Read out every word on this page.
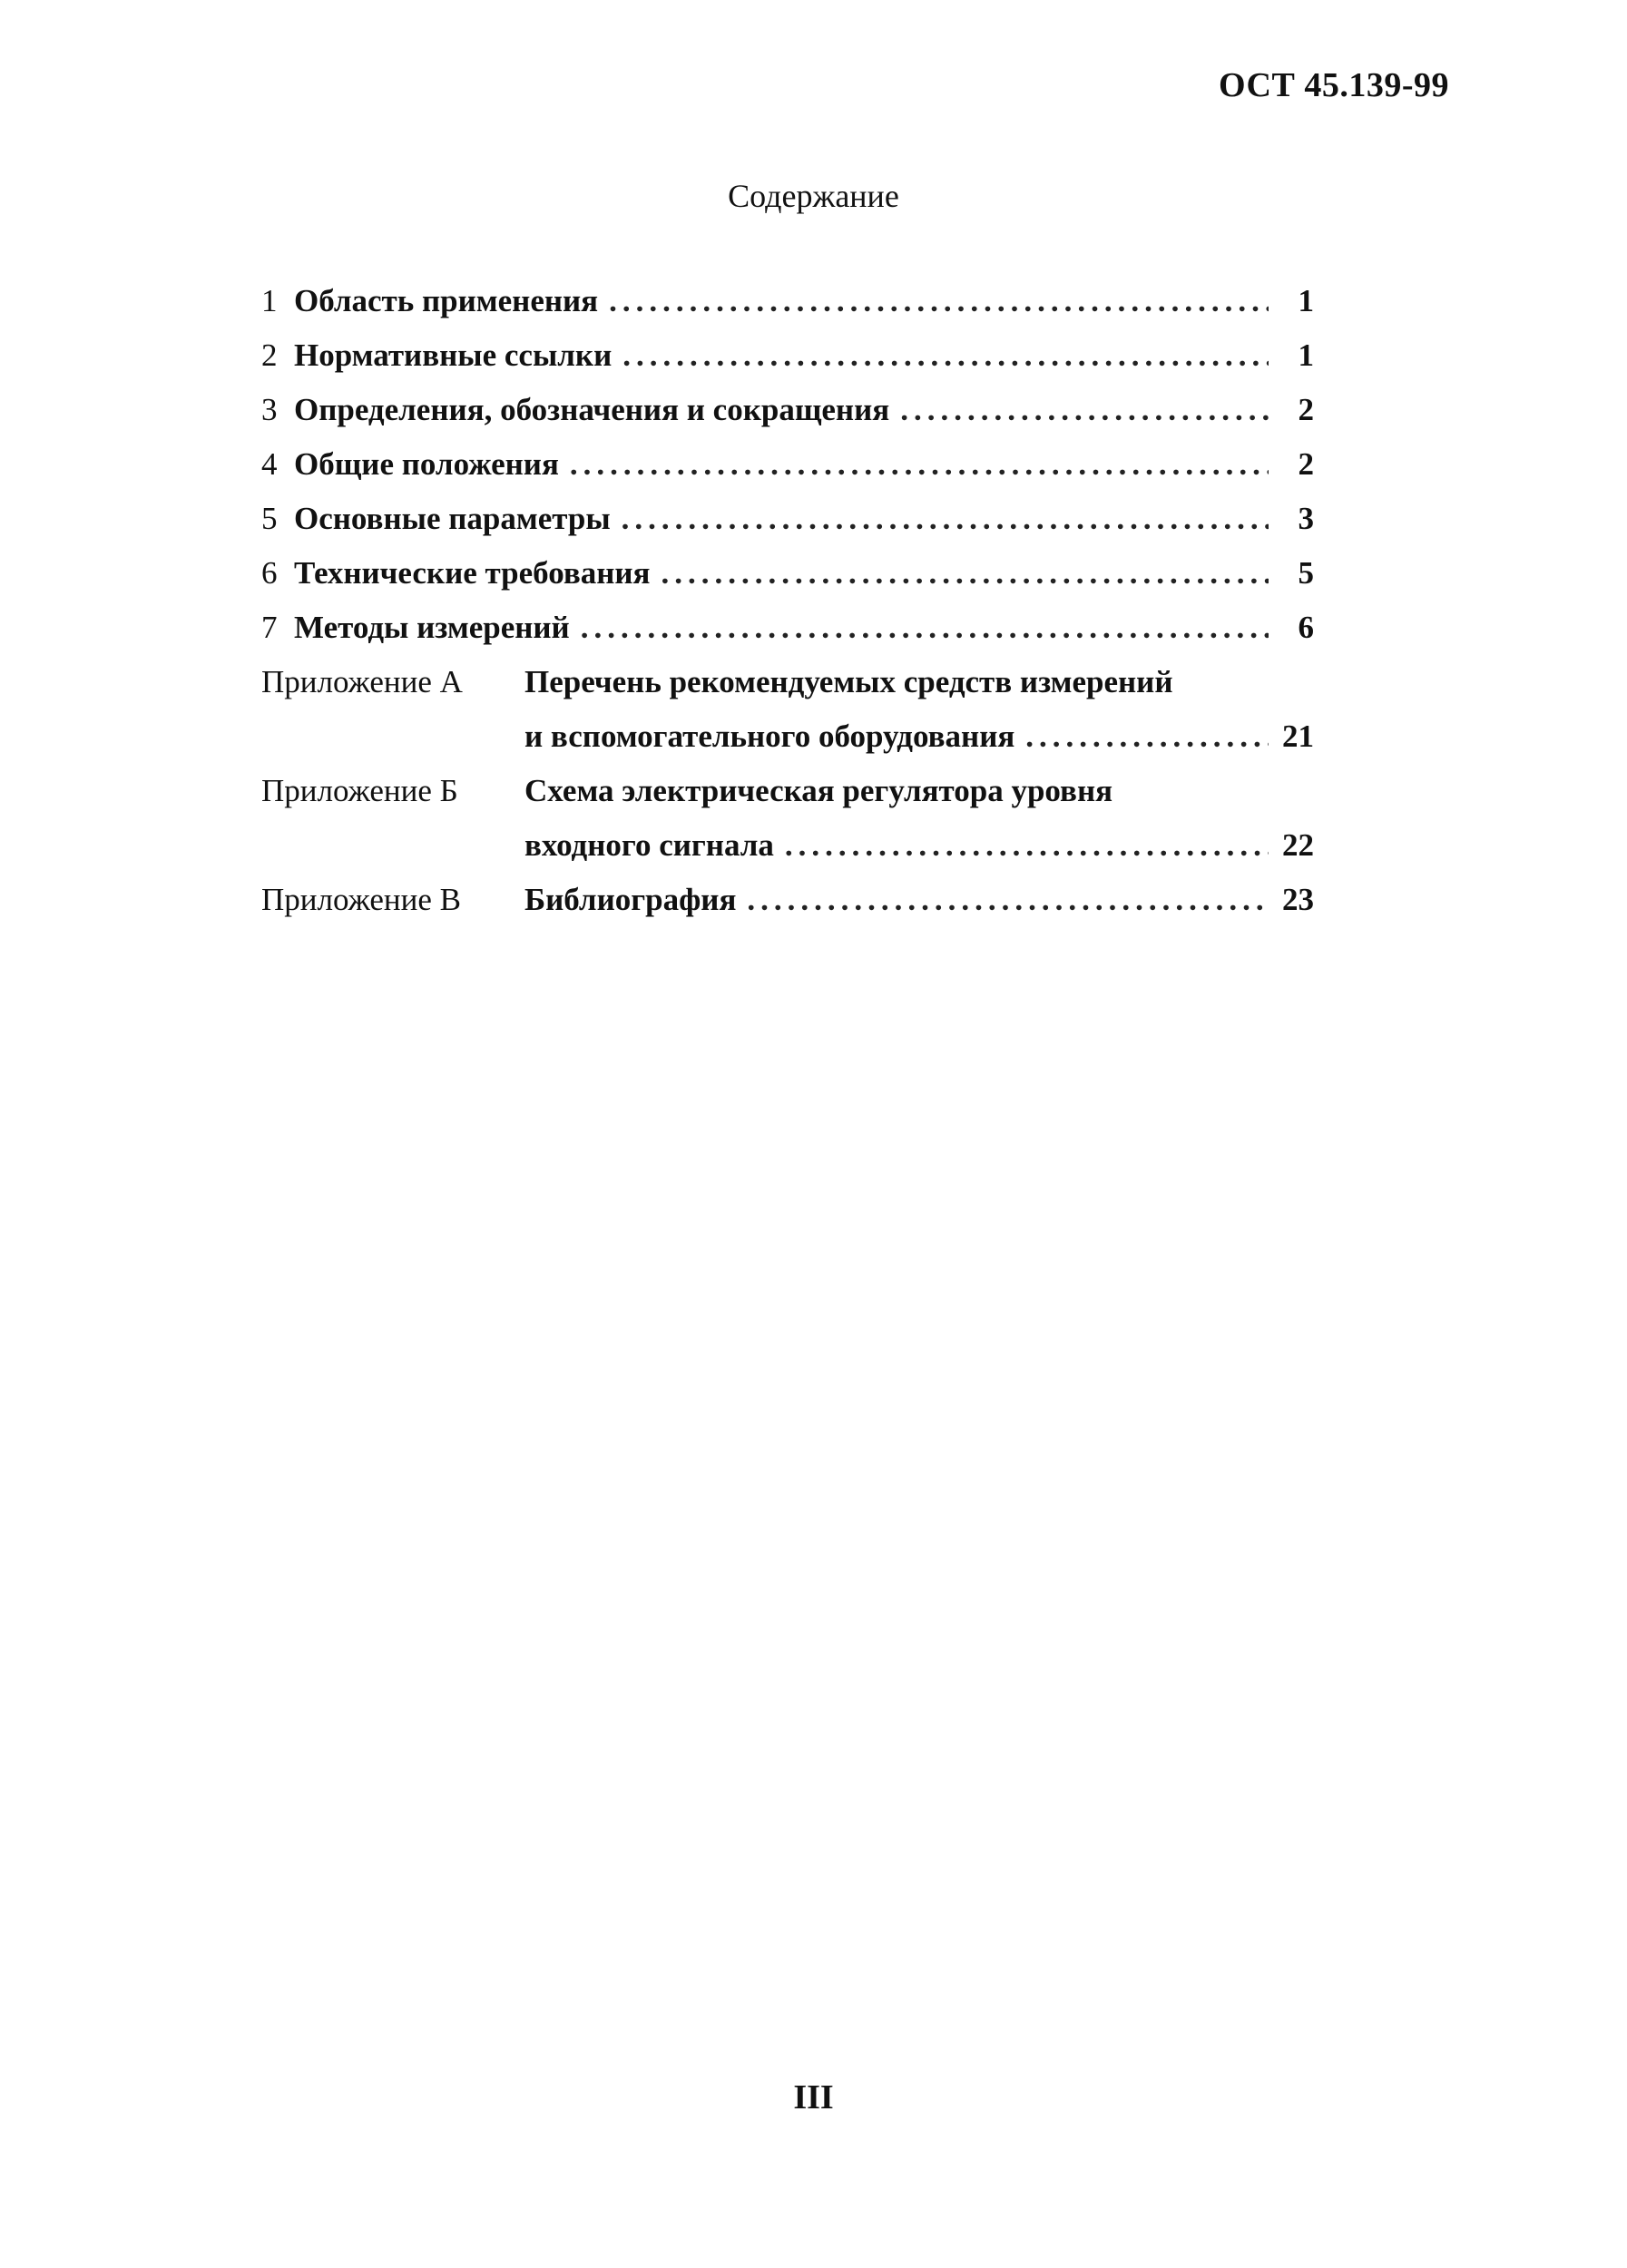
ОСТ 45.139-99
Содержание
1 Область применения .....	1
2 Нормативные ссылки .....	1
3 Определения, обозначения и сокращения .....	2
4 Общие положения .....	2
5 Основные параметры .....	3
6 Технические требования .....	5
7 Методы измерений .....	6
Приложение А	Перечень рекомендуемых средств измерений
и вспомогательного оборудования .....	21
Приложение Б	Схема электрическая регулятора уровня
входного сигнала .....	22
Приложение В	Библиография .....	23
III
